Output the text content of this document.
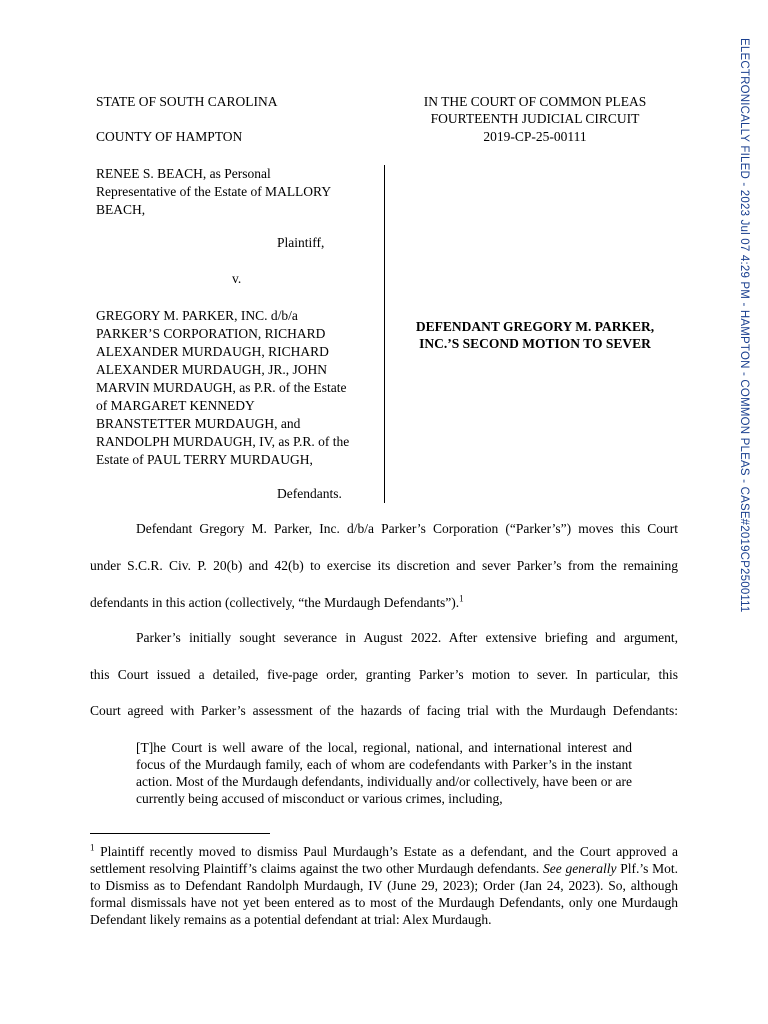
STATE OF SOUTH CAROLINA
COUNTY OF HAMPTON
RENEE S. BEACH, as Personal
Representative of the Estate of MALLORY
BEACH,
Plaintiff,
v.
GREGORY M. PARKER, INC. d/b/a
PARKER’S CORPORATION, RICHARD
ALEXANDER MURDAUGH, RICHARD
ALEXANDER MURDAUGH, JR., JOHN
MARVIN MURDAUGH, as P.R. of the Estate
of MARGARET KENNEDY
BRANSTETTER MURDAUGH, and
RANDOLPH MURDAUGH, IV, as P.R. of the
Estate of PAUL TERRY MURDAUGH,
Defendants.
IN THE COURT OF COMMON PLEAS
FOURTEENTH JUDICIAL CIRCUIT
2019-CP-25-00111
DEFENDANT GREGORY M. PARKER,
INC.’S SECOND MOTION TO SEVER
Defendant Gregory M. Parker, Inc. d/b/a Parker’s Corporation (“Parker’s”) moves this Court
under S.C.R. Civ. P. 20(b) and 42(b) to exercise its discretion and sever Parker’s from the remaining
defendants in this action (collectively, “the Murdaugh Defendants”).$^1$
Parker’s initially sought severance in August 2022. After extensive briefing and argument,
this Court issued a detailed, five-page order, granting Parker’s motion to sever. In particular, this
Court agreed with Parker’s assessment of the hazards of facing trial with the Murdaugh Defendants:
[T]he Court is well aware of the local, regional, national, and international interest and focus of the Murdaugh family, each of whom are codefendants with Parker’s in the instant action. Most of the Murdaugh defendants, individually and/or collectively, have been or are currently being accused of misconduct or various crimes, including,
$^1$ Plaintiff recently moved to dismiss Paul Murdaugh’s Estate as a defendant, and the Court approved a settlement resolving Plaintiff’s claims against the two other Murdaugh defendants. See generally Plf.’s Mot. to Dismiss as to Defendant Randolph Murdaugh, IV (June 29, 2023); Order (Jan 24, 2023). So, although formal dismissals have not yet been entered as to most of the Murdaugh Defendants, only one Murdaugh Defendant likely remains as a potential defendant at trial: Alex Murdaugh.
ELECTRONICALLY FILED - 2023 Jul 07 4:29 PM - HAMPTON - COMMON PLEAS - CASE#2019CP2500111
